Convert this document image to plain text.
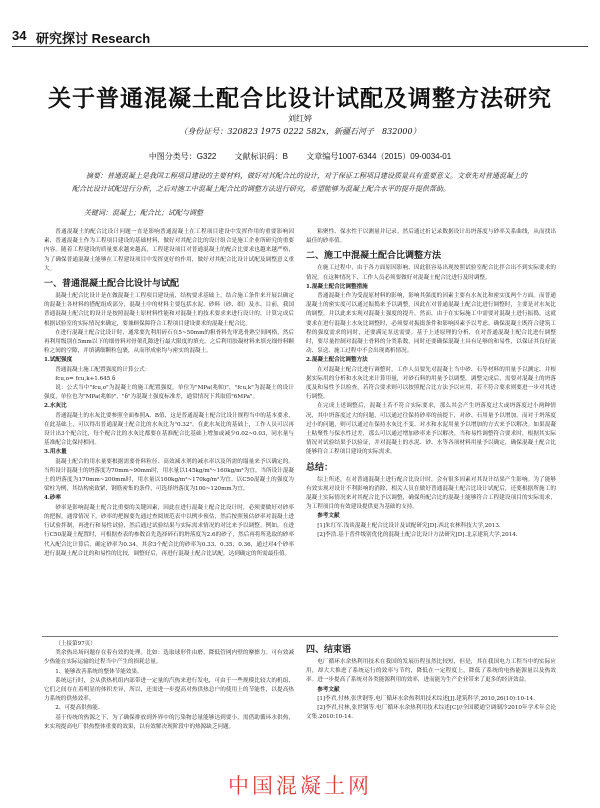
34 研究探讨 Research
关于普通混凝土配合比设计试配及调整方法研究
刘红婷
（身份证号：320823 1975 0222 582x，新疆石河子　832000）
中图分类号：G322 文献标识码：B 文章编号1007-6344（2015）09-0034-01
摘要：普通混凝土是我国工程项目建设的主要材料，做好对其配合比的设计，对于保证工程项目建设质量具有重要意义。文章先对普通混凝土的配合比设计试配进行分析，之后对施工中混凝土配合比的调整方法进行研究，希望能够为混凝土配合水平的提升提供帮助。
关键词：混凝土；配合比；试配与调整

普通混凝土的配合比设计问题一直是影响普通混凝土在工程项目建设中发挥作用的重要影响因素，普通混凝土作为工程项目建设的基础材料，做好对其配合比的设计组合是施工企业所研究的重要内容。随着工程建设的质量要求越来越高，工程建设项目对普通混凝土的配合比要求也越来越严格，为了确保普通混凝土能够在工程建设项目中发挥更好的作用，做好对其配合比设计试配及调整意义重大。

一、普通混凝土配合比设计与试配

混凝土配合比设计是在做混凝土工程项目建设前，结构要求基础上，结合施工条件来开展以确定的混凝土各材料的搭配组成部分，混凝土中的材料主要包括水泥、砂料（砂、细）及水、目前，我国普通混凝土配合比的设计是按照混凝土原材料性能和对混凝土的技术要求来进行设计的，计算完成后根据试验室的实际情况来确定，要兼顾保障符合工程项目建设要求的混凝土配合比。

在进行混凝土配合比设计时，通常要先利用碎石在5~50mm的粗骨料先审选骨熟空间网格，然后再利用级别在5mm以下的细骨料对骨架孔隙进行最大限度的填充，之后利用胶凝材料来填充细骨料颗粒之间的空隙，并填满细颗粒包裹，从而形成密均与密实的混凝土。

1.试配强度

普通混凝土施工配置强度的计算公式：

fcu,o= fcu,k+1.645 δ

说：公式当中"fcu,o"为混凝土的施工配置强度，单位为"MPa(兆帕)"，"fcu,k"为混凝土的设计强度，单位也为"MPa(兆帕)"，"δ"为混凝土强度标准差，通常情况下其取值"6MPa"。

2.水灰比

普通混凝土的水灰比要参照全面参照A、B值，这是普通混凝土配合比设计规程当中的基本要求，在此基础上，可以得出普通混凝土配合比的水灰比为"0.32"。在此水灰比的基础上，工作人员可以再设计出3个配合比，每个配合比的水灰比都要在基准配合比基础上增加或减少0.02~0.03，同水量与基准配合比保持相同。

3.用水量

混凝土配合的用水量要根据需要骨料粒径、高效减水剂的减水率以及所需的塌量来予以确定的。当所设计混凝土的坍落度为70mm~90mm时，用水量以145kg/m³~160kg/m³为宜。当所设计混凝土的坍落度为170mm~200mm时，用水量以160kg/m³~170kg/m³为宜。以C50混凝土的强度为梁柱为例，其结构密致紧、钢筋密集的条件，可选择坍落度为100~120mm为宜。

4.砂率

砂率是影响混凝土配合比重要的关键因素，因此在进行混凝土配合比设计时，必须要做好对砂率的把握。通常情况下，砂率的把握要先通过查阅规范表中以例步预估，然后按照预估砂率对混凝土进行试验拌制，再进行和易性试验，然后通过试验结果与实际需求情况的对比来予以调整。例如，在进行C50混凝土配置时，可根据查表的参数首先选择碎石的坍落度为2.6的砂子，然后再将所选取的砂率代入配合比计算后，确定砂率为0.34。其余3个配合比的砂率为0.33、0.35、0.36，通过对4个砂率进行混凝土配合比的和易性的比较，调整好后，再进行混凝土配合比试配，达到确定的所需最佳值。

粘聚性、保水性于以测量并记录。然后通过折记录数据设计出坍落度与砂率关系曲线，从而找出最佳的砂率值。

二、施工中混凝土配合比调整方法

在施工过程中，由于各方面原因影响，因此很容易出现按照试验室配合比拌合出不到实际要求的情况。在这种情况下，工作人员必须要做好对混凝土配合比进行及时调整。

1.混凝土配合比调整措施

普通混凝土作为受混原材料的影响，影响其强度的因素主要有水灰比和密实度两个方面。而普通混凝土的密实度可以通过振捣来予以调整，因此在对普通混凝土配合比进行调整时，主要是对水灰比的调整。并以此来实现对混凝土强度的提升。然而，由于在实际施工中需要对混凝土进行振捣，这就要求在进行混凝土水灰比调整时，必须要对振捣条件和影响因素予以考虑。确保混凝土既符合建筑工程的强度需求的同时，还要满足泵送需要。基于上述原理的分析，在对普通混凝土配合比进行调整时，要尽量控制对混凝土骨料的分类系数，同时还要确保混凝土具有足够的和易性，以保证其良好流动、泵送、施工过程中不会出现离析情况。

2.混凝土配合比调整方法

在对混凝土配合比进行调整时，工作人员要先对混凝土当中砂、石等材料的用量予以测定，并根据实际用的分析和水灰比来计算用量，对砂石料的用量予以调整。调整完成后，需要对混凝土的坍落度及和易性予以检查，若符合要求则可以按照配合比方法予以应用，若不符合要求则要进一步对其进行调整。

在完成上述调整后，混凝土若不符合实际要求，那么其会产生坍落度过大或坍落度过小两种情况，其中坍落度过大的问题，可以通过往保持砂率的前提下，对砂、石用量予以增加。而对于坍落度过小的问题，则可以通过在保持水灰比不变、对水和水泥用量予以增加的方式来予以解决。如果混凝土粘聚性与保水性过差，那么可以通过增加砂率来予以解决。当和易性调整符合要求时，根据其实际情况对试验结果予以验证，并对混凝土的水泥、砂、水等各项材料用量予以确定，确保混凝土配合比能够符合工程项目建设的实际需求。

总结：

综上所述，在对普通混凝土进行配合比设计时，会有很多因素对其设计结果产生影响。为了能够有效实现对设计不利影响的消除，相关人员在做好普通混凝土配合比设计试配后，还要根据所施工的混凝土实际情况来对其配合比予以调整，确保所配合比的混凝土能够符合工程建设项目的实际需求，为工程项目的有效建设提供更为基础的支持。

参考文献

[1]朱红军.浅谈混凝土配合比设计及试配研究[D].西北农林科技大学,2013.

[2]李浩.基于普件级别优化的混凝土配合比设计方法研究[D].北京建筑大学,2014.

（上接第97页）

类余热出场问题存在着有效的处理。比如：选取球形件由磨，降低管网内壁的摩擦力。可有效减少热能在实际运输的过程当中产生的损耗总量。

1、能够改善系统的整体节能效果。

系统运行时，会从供热机组内部带进一定量的汽热来进行发电，可由于一些规模比较大的机组，它们之间存在着明显的体积差异，所以，还需进一步提高对热供热总户的使用上的节能性，以提高热力系统的供热效率。

2、可提高供热能。

基于传统的热源之下，为了确保排放到外界中的污染物总量能够达到要小，需借助循环水供热，来实现提高电厂供热整体重要的效果，以有效解决现阶段中的热源缺乏问题。

四、结束语

电厂循环水余热利用技术在我国的发展历程虽然比较短，但是，其在我国电力工程当中的实际应用，却大大推进了系统运行的效率与节约，降低在一定程度上，降低了系统的电热能源量以及热效率。进一步提高了系统对各类能源利用的效率，进而能为生产企业带来了更多的经济效益。

参考文献

[1]李君,付林,张世钢等.电厂循环水余热利用技术综述[J].建筑科学,2010,26(10):10-14.

[2]李君,付林,张世钢等.电厂循环水余热利用技术综述[C]//全国暖通空调制冷2010年学术年会论文集.2010:10-14.

中国混凝土网
